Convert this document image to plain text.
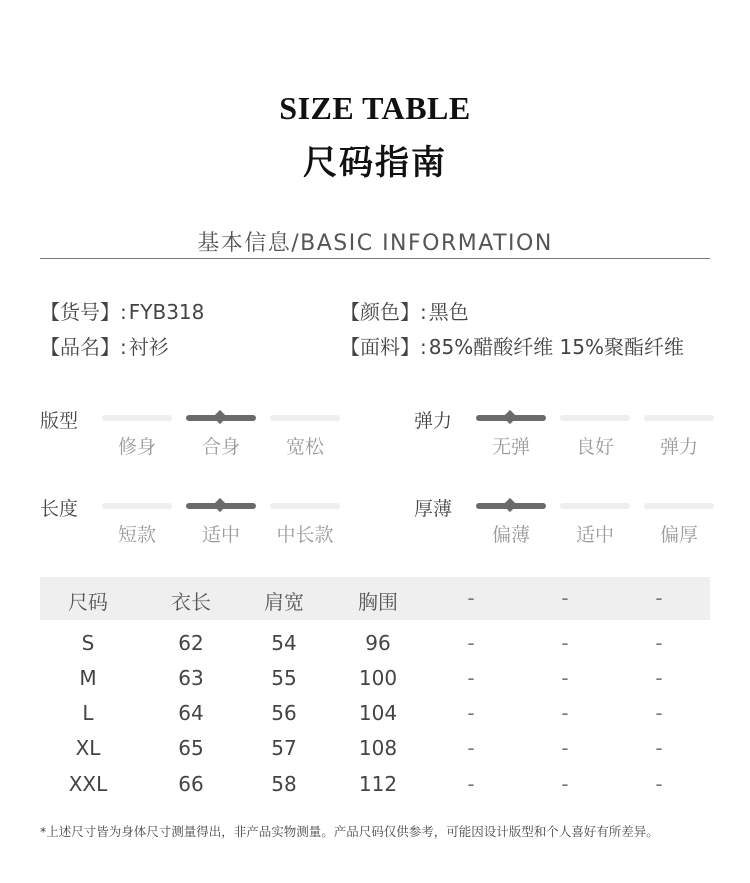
SIZE TABLE
尺码指南
基本信息/BASIC INFORMATION
【货号】: FYB318	【颜色】: 黑色
【品名】: 衬衫	【面料】: 85%醋酸纤维 15%聚酯纤维
版型
修身	合身	宽松
弹力
无弹	良好	弹力
长度
短款	适中	中长款
厚薄
偏薄	适中	偏厚
尺码	衣长	肩宽	胸围	-	-	-
S	62	54	96	-	-	-
M	63	55	100	-	-	-
L	64	56	104	-	-	-
XL	65	57	108	-	-	-
XXL	66	58	112	-	-	-
*上述尺寸皆为身体尺寸测量得出，非产品实物测量。产品尺码仅供参考，可能因设计版型和个人喜好有所差异。
